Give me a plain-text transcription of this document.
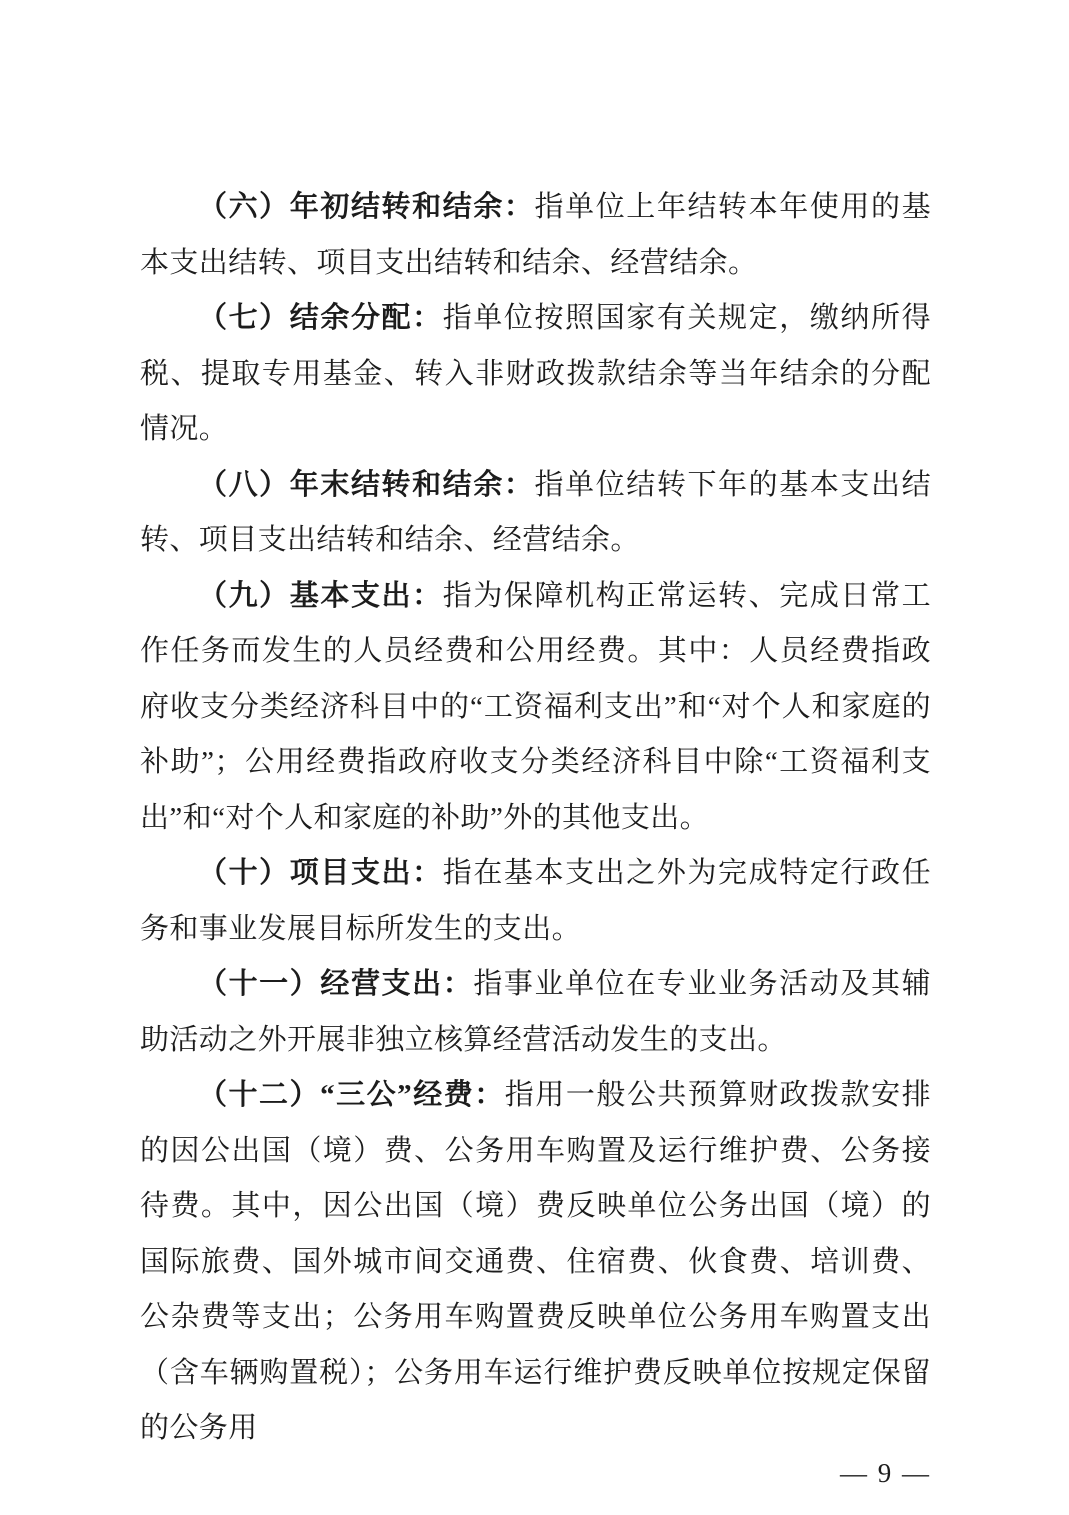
（六）年初结转和结余：指单位上年结转本年使用的基本支出结转、项目支出结转和结余、经营结余。

（七）结余分配：指单位按照国家有关规定，缴纳所得税、提取专用基金、转入非财政拨款结余等当年结余的分配情况。

（八）年末结转和结余：指单位结转下年的基本支出结转、项目支出结转和结余、经营结余。

（九）基本支出：指为保障机构正常运转、完成日常工作任务而发生的人员经费和公用经费。其中：人员经费指政府收支分类经济科目中的“工资福利支出”和“对个人和家庭的补助”；公用经费指政府收支分类经济科目中除“工资福利支出”和“对个人和家庭的补助”外的其他支出。

（十）项目支出：指在基本支出之外为完成特定行政任务和事业发展目标所发生的支出。

（十一）经营支出：指事业单位在专业业务活动及其辅助活动之外开展非独立核算经营活动发生的支出。

（十二）“三公”经费：指用一般公共预算财政拨款安排的因公出国（境）费、公务用车购置及运行维护费、公务接待费。其中，因公出国（境）费反映单位公务出国（境）的国际旅费、国外城市间交通费、住宿费、伙食费、培训费、公杂费等支出；公务用车购置费反映单位公务用车购置支出（含车辆购置税）；公务用车运行维护费反映单位按规定保留的公务用

— 9 —
